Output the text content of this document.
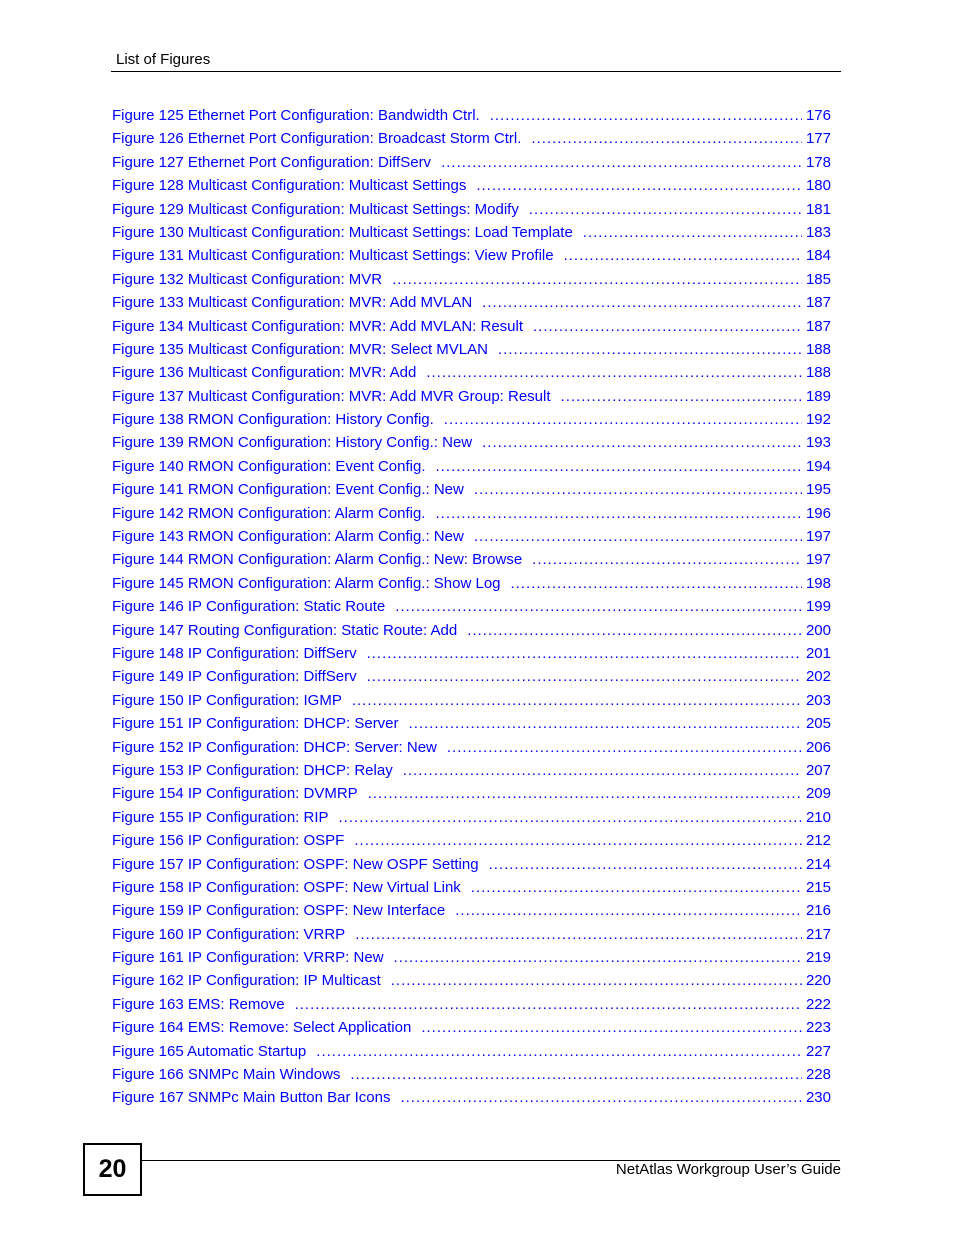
List of Figures
Figure 125 Ethernet Port Configuration: Bandwidth Ctrl. .....	176
Figure 126 Ethernet Port Configuration: Broadcast Storm Ctrl. .....	177
Figure 127 Ethernet Port Configuration: DiffServ .....	178
Figure 128 Multicast Configuration: Multicast Settings .....	180
Figure 129 Multicast Configuration: Multicast Settings: Modify .....	181
Figure 130 Multicast Configuration: Multicast Settings: Load Template .....	183
Figure 131 Multicast Configuration: Multicast Settings: View Profile .....	184
Figure 132 Multicast Configuration: MVR .....	185
Figure 133 Multicast Configuration: MVR: Add MVLAN .....	187
Figure 134 Multicast Configuration: MVR: Add MVLAN: Result .....	187
Figure 135 Multicast Configuration: MVR: Select MVLAN .....	188
Figure 136 Multicast Configuration: MVR: Add .....	188
Figure 137 Multicast Configuration: MVR: Add MVR Group: Result .....	189
Figure 138 RMON Configuration: History Config. .....	192
Figure 139 RMON Configuration: History Config.: New .....	193
Figure 140 RMON Configuration: Event Config. .....	194
Figure 141 RMON Configuration: Event Config.: New .....	195
Figure 142 RMON Configuration: Alarm Config. .....	196
Figure 143 RMON Configuration: Alarm Config.: New .....	197
Figure 144 RMON Configuration: Alarm Config.: New: Browse .....	197
Figure 145 RMON Configuration: Alarm Config.: Show Log .....	198
Figure 146 IP Configuration: Static Route .....	199
Figure 147 Routing Configuration: Static Route: Add .....	200
Figure 148 IP Configuration: DiffServ .....	201
Figure 149 IP Configuration: DiffServ .....	202
Figure 150 IP Configuration: IGMP .....	203
Figure 151 IP Configuration: DHCP: Server .....	205
Figure 152 IP Configuration: DHCP: Server: New .....	206
Figure 153 IP Configuration: DHCP: Relay .....	207
Figure 154 IP Configuration: DVMRP .....	209
Figure 155 IP Configuration: RIP .....	210
Figure 156 IP Configuration: OSPF .....	212
Figure 157 IP Configuration: OSPF: New OSPF Setting .....	214
Figure 158 IP Configuration: OSPF: New Virtual Link .....	215
Figure 159 IP Configuration: OSPF: New Interface .....	216
Figure 160 IP Configuration: VRRP .....	217
Figure 161 IP Configuration: VRRP: New .....	219
Figure 162 IP Configuration: IP Multicast .....	220
Figure 163 EMS: Remove .....	222
Figure 164 EMS: Remove: Select Application .....	223
Figure 165 Automatic Startup .....	227
Figure 166 SNMPc Main Windows .....	228
Figure 167 SNMPc Main Button Bar Icons .....	230
20	NetAtlas Workgroup User’s Guide
